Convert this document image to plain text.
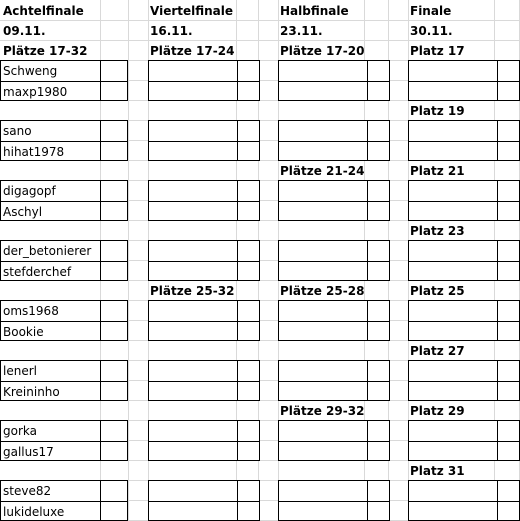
Achtelfinale
09.11.
Viertelfinale
16.11.
Halbfinale
23.11.
Finale
30.11.
Plätze 17-32	Plätze 17-24
Plätze 25-32
Plätze 17-20
Plätze 21-24
Plätze 25-28
Plätze 29-32
Platz 17
Platz 19
Platz 21
Platz 23
Platz 25
Platz 27
Platz 29
Platz 31
Schweng
maxp1980
sano
hihat1978
digagopf
Aschyl
der_betonierer
stefderchef
oms1968
Bookie
lenerl
Kreininho
gorka
gallus17
steve82
lukideluxe
